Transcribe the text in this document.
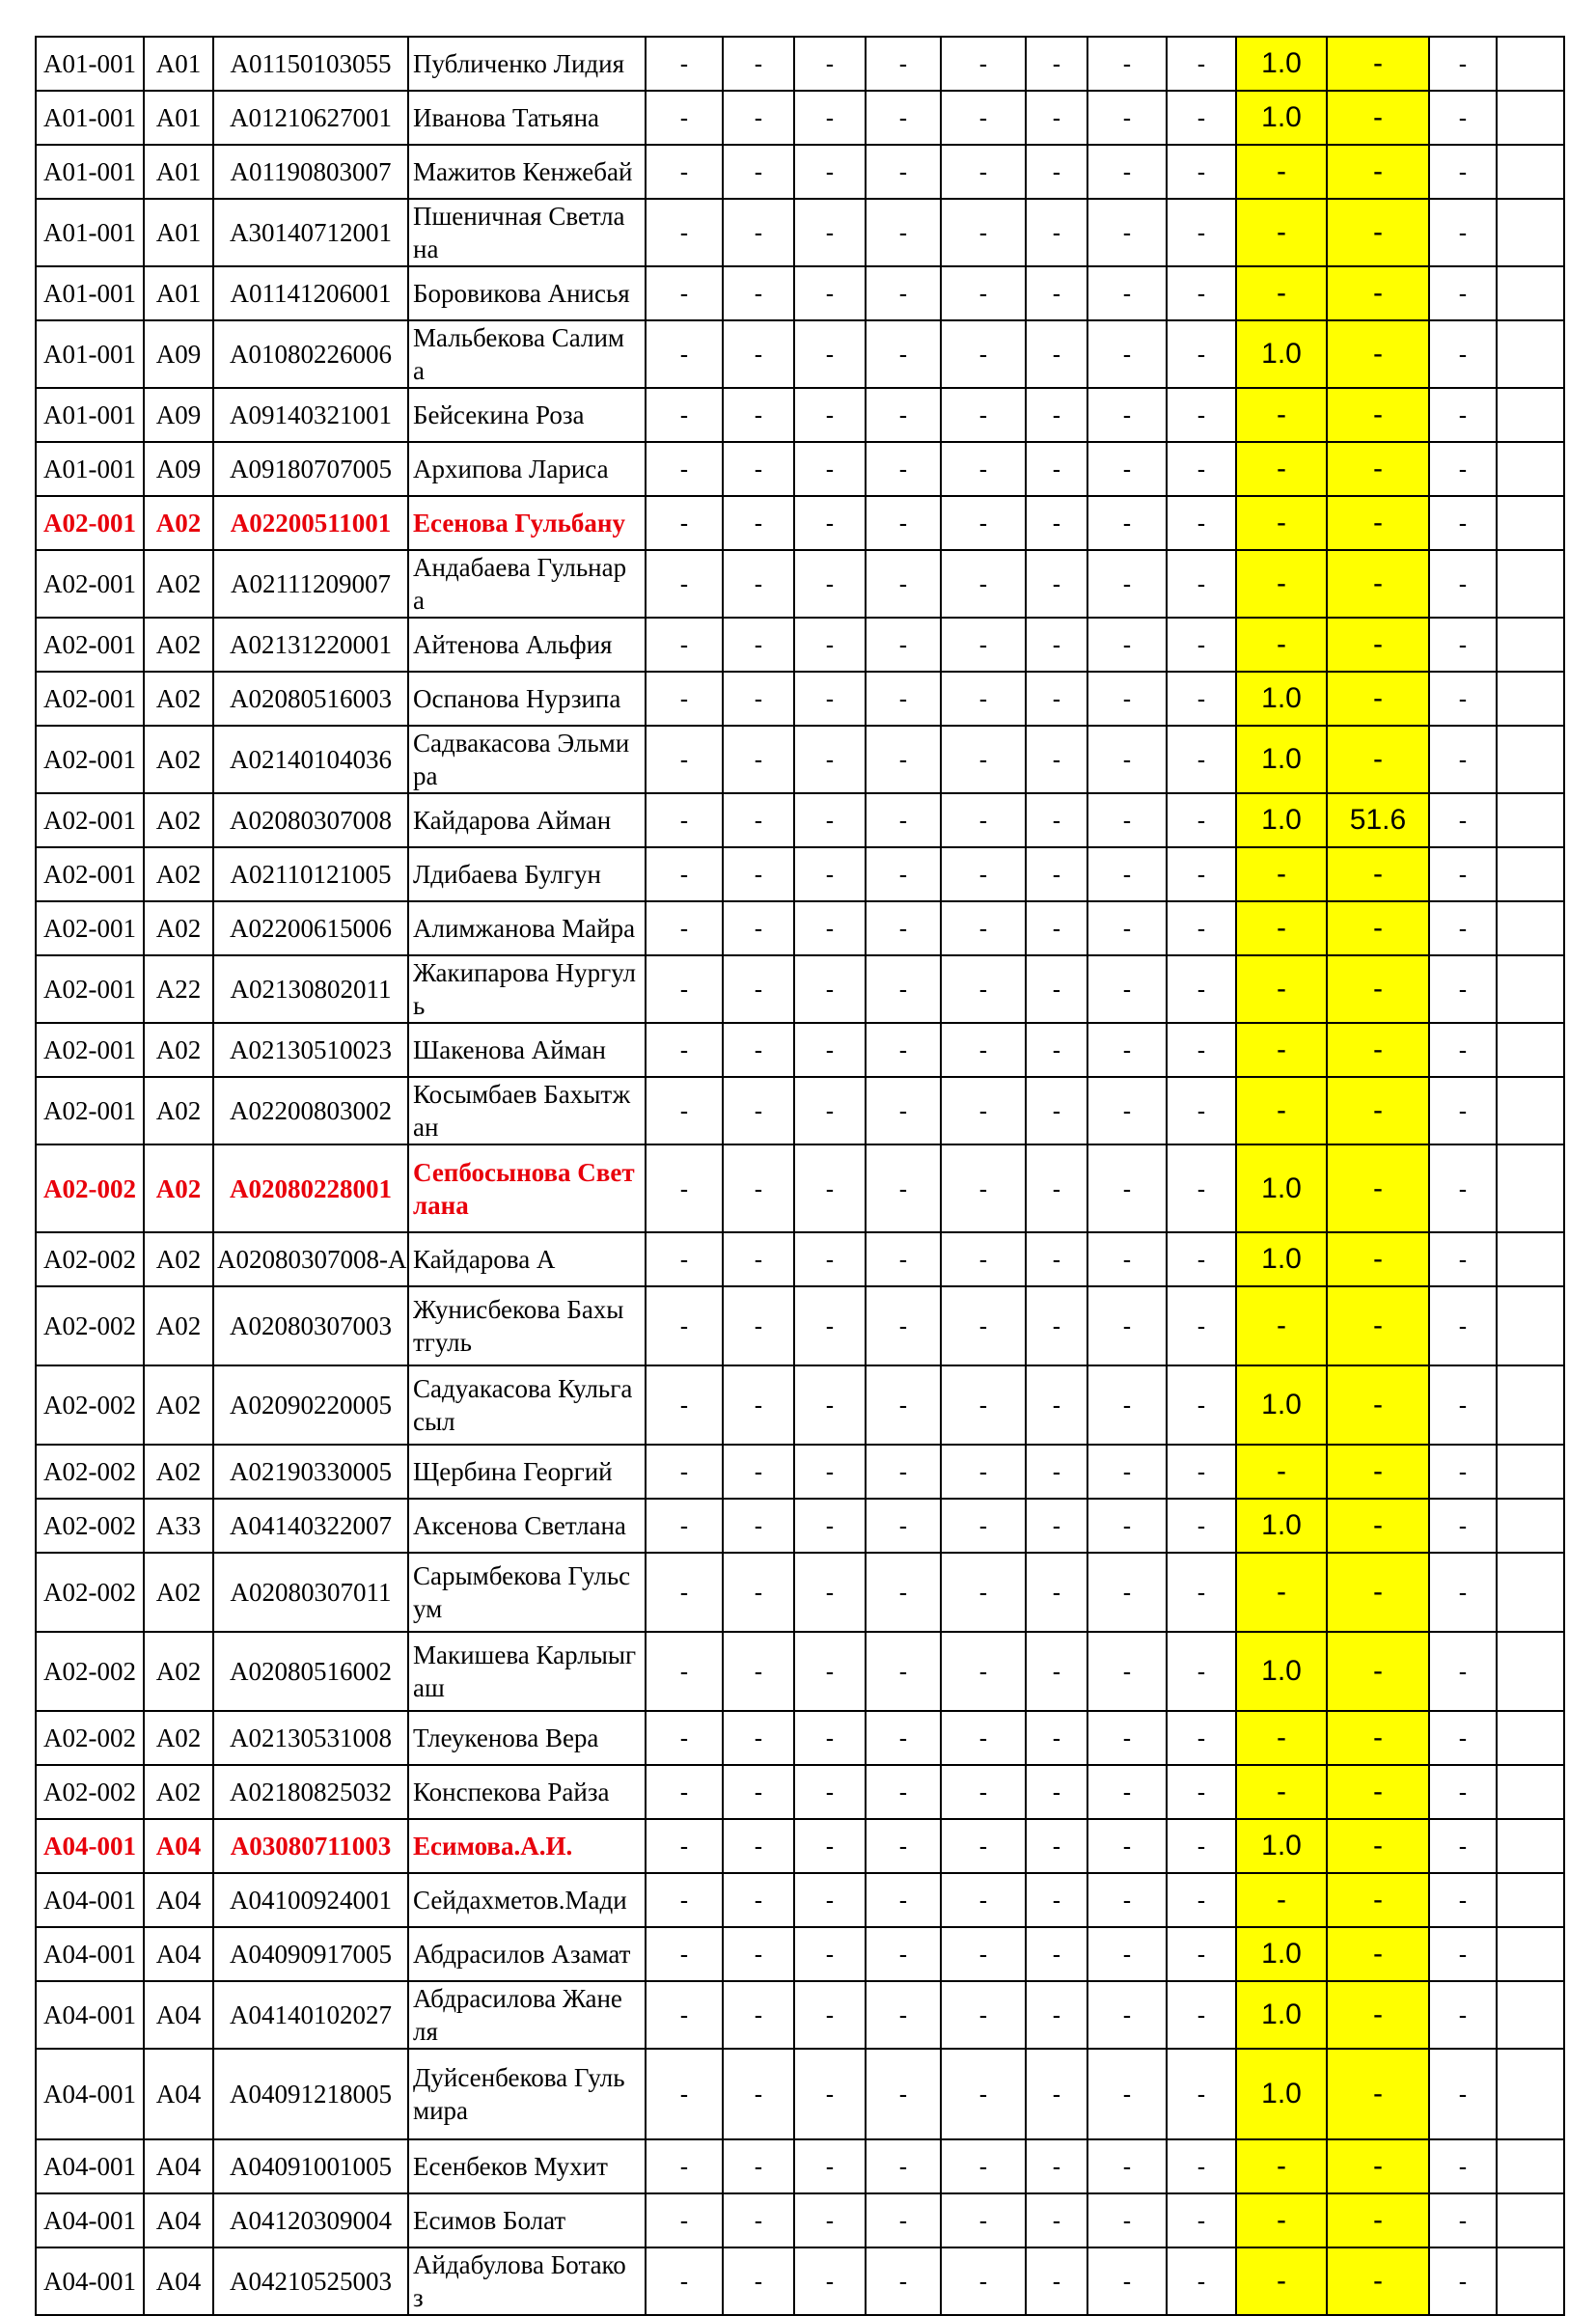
A01-001	A01	A01150103055	Публиченко Лидия	-	-	-	-	-	-	-	-	1.0	-	-	
A01-001	A01	A01210627001	Иванова Татьяна	-	-	-	-	-	-	-	-	1.0	-	-	
A01-001	A01	A01190803007	Мажитов Кенжебай	-	-	-	-	-	-	-	-	-	-	-	
A01-001	A01	A30140712001	Пшеничная Светла на	-	-	-	-	-	-	-	-	-	-	-	
A01-001	A01	A01141206001	Боровикова Анисья	-	-	-	-	-	-	-	-	-	-	-	
A01-001	A09	A01080226006	Мальбекова Салим а	-	-	-	-	-	-	-	-	1.0	-	-	
A01-001	A09	A09140321001	Бейсекина Роза	-	-	-	-	-	-	-	-	-	-	-	
A01-001	A09	A09180707005	Архипова Лариса	-	-	-	-	-	-	-	-	-	-	-	
A02-001	A02	A02200511001	Есенова Гульбану	-	-	-	-	-	-	-	-	-	-	-	
A02-001	A02	A02111209007	Андабаева Гульнар а	-	-	-	-	-	-	-	-	-	-	-	
A02-001	A02	A02131220001	Айтенова Альфия	-	-	-	-	-	-	-	-	-	-	-	
A02-001	A02	A02080516003	Оспанова Нурзипа	-	-	-	-	-	-	-	-	1.0	-	-	
A02-001	A02	A02140104036	Садвакасова Эльми ра	-	-	-	-	-	-	-	-	1.0	-	-	
A02-001	A02	A02080307008	Кайдарова Айман	-	-	-	-	-	-	-	-	1.0	51.6	-	
A02-001	A02	A02110121005	Лдибаева Булгун	-	-	-	-	-	-	-	-	-	-	-	
A02-001	A02	A02200615006	Алимжанова Майра	-	-	-	-	-	-	-	-	-	-	-	
A02-001	A22	A02130802011	Жакипарова Нургул ь	-	-	-	-	-	-	-	-	-	-	-	
A02-001	A02	A02130510023	Шакенова Айман	-	-	-	-	-	-	-	-	-	-	-	
A02-001	A02	A02200803002	Косымбаев Бахытж ан	-	-	-	-	-	-	-	-	-	-	-	
A02-002	A02	A02080228001	Сепбосынова Свет лана	-	-	-	-	-	-	-	-	1.0	-	-	
A02-002	A02	A02080307008-A	Кайдарова А	-	-	-	-	-	-	-	-	1.0	-	-	
A02-002	A02	A02080307003	Жунисбекова Бахы тгуль	-	-	-	-	-	-	-	-	-	-	-	
A02-002	A02	A02090220005	Садуакасова Кульга сыл	-	-	-	-	-	-	-	-	1.0	-	-	
A02-002	A02	A02190330005	Щербина Георгий	-	-	-	-	-	-	-	-	-	-	-	
A02-002	A33	A04140322007	Аксенова Светлана	-	-	-	-	-	-	-	-	1.0	-	-	
A02-002	A02	A02080307011	Сарымбекова Гульс ум	-	-	-	-	-	-	-	-	-	-	-	
A02-002	A02	A02080516002	Макишева Карлыыг аш	-	-	-	-	-	-	-	-	1.0	-	-	
A02-002	A02	A02130531008	Тлеукенова Вера	-	-	-	-	-	-	-	-	-	-	-	
A02-002	A02	A02180825032	Конспекова Райза	-	-	-	-	-	-	-	-	-	-	-	
A04-001	A04	A03080711003	Есимова.А.И.	-	-	-	-	-	-	-	-	1.0	-	-	
A04-001	A04	A04100924001	Сейдахметов.Мади	-	-	-	-	-	-	-	-	-	-	-	
A04-001	A04	A04090917005	Абдрасилов Азамат	-	-	-	-	-	-	-	-	1.0	-	-	
A04-001	A04	A04140102027	Абдрасилова Жане ля	-	-	-	-	-	-	-	-	1.0	-	-	
A04-001	A04	A04091218005	Дуйсенбекова Гуль мира	-	-	-	-	-	-	-	-	1.0	-	-	
A04-001	A04	A04091001005	Есенбеков Мухит	-	-	-	-	-	-	-	-	-	-	-	
A04-001	A04	A04120309004	Есимов Болат	-	-	-	-	-	-	-	-	-	-	-	
A04-001	A04	A04210525003	Айдабулова Ботако з	-	-	-	-	-	-	-	-	-	-	-	
